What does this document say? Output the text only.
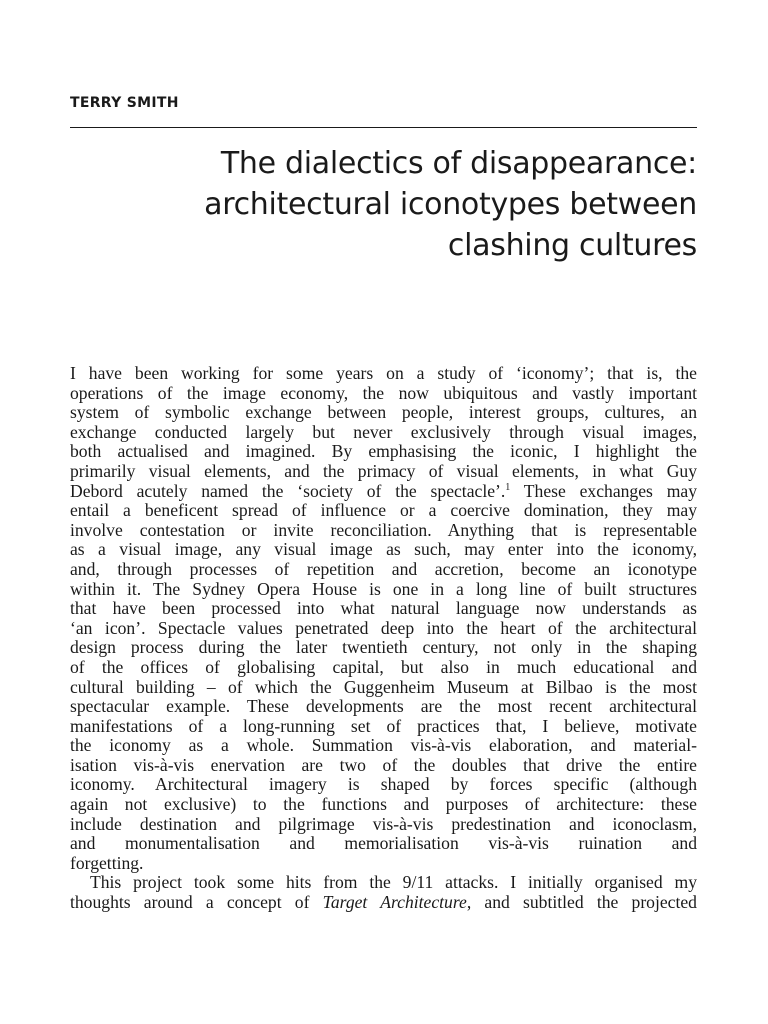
TERRY SMITH
The dialectics of disappearance:
architectural iconotypes between
clashing cultures
I have been working for some years on a study of ‘iconomy’; that is, the
operations of the image economy, the now ubiquitous and vastly important
system of symbolic exchange between people, interest groups, cultures, an
exchange conducted largely but never exclusively through visual images,
both actualised and imagined. By emphasising the iconic, I highlight the
primarily visual elements, and the primacy of visual elements, in what Guy
Debord acutely named the ‘society of the spectacle’.$^1$ These exchanges may
entail a beneficent spread of influence or a coercive domination, they may
involve contestation or invite reconciliation. Anything that is representable
as a visual image, any visual image as such, may enter into the iconomy,
and, through processes of repetition and accretion, become an iconotype
within it. The Sydney Opera House is one in a long line of built structures
that have been processed into what natural language now understands as
‘an icon’. Spectacle values penetrated deep into the heart of the architectural
design process during the later twentieth century, not only in the shaping
of the offices of globalising capital, but also in much educational and
cultural building – of which the Guggenheim Museum at Bilbao is the most
spectacular example. These developments are the most recent architectural
manifestations of a long-running set of practices that, I believe, motivate
the iconomy as a whole. Summation vis-à-vis elaboration, and material-
isation vis-à-vis enervation are two of the doubles that drive the entire
iconomy. Architectural imagery is shaped by forces specific (although
again not exclusive) to the functions and purposes of architecture: these
include destination and pilgrimage vis-à-vis predestination and iconoclasm,
and monumentalisation and memorialisation vis-à-vis ruination and
forgetting.
This project took some hits from the 9/11 attacks. I initially organised my
thoughts around a concept of Target Architecture, and subtitled the projected
